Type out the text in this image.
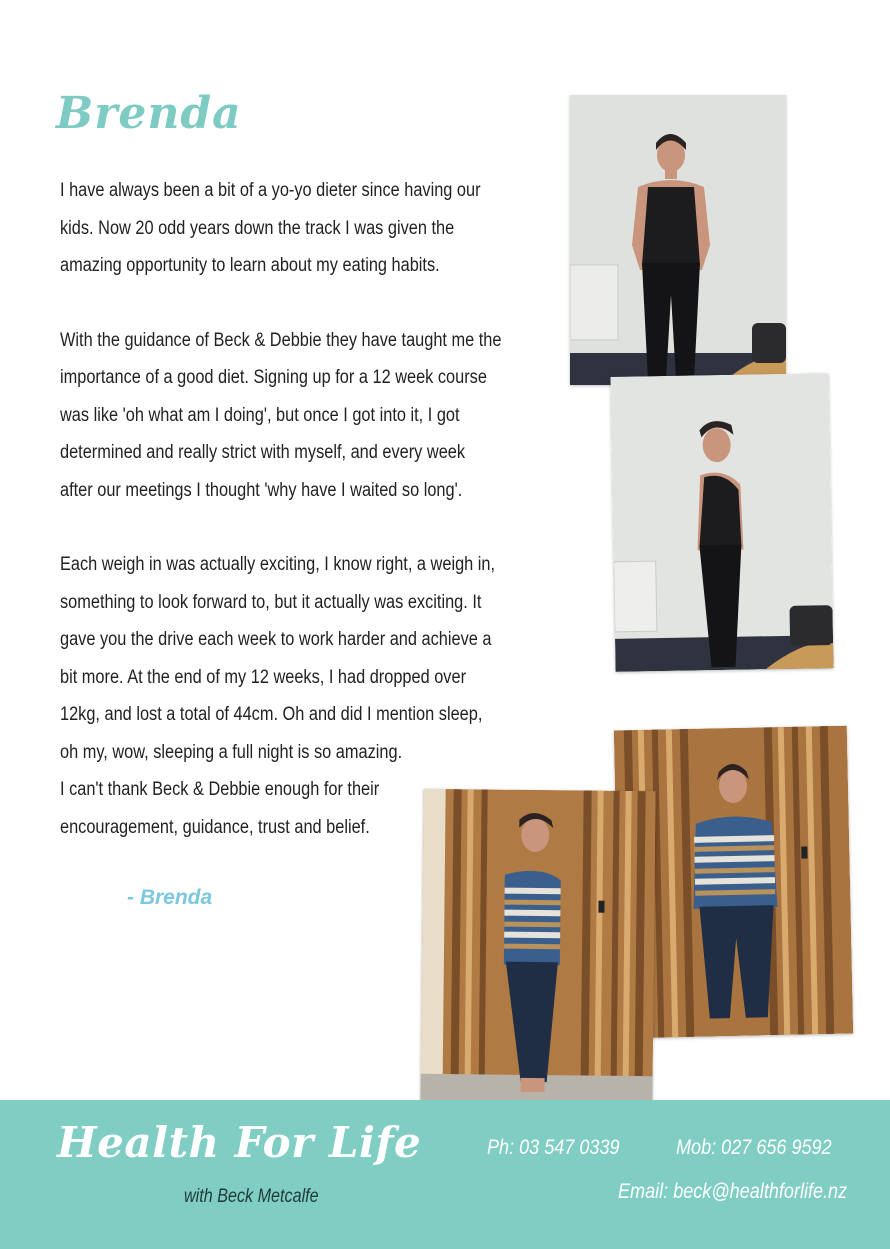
Brenda

I have always been a bit of a yo-yo dieter since having our
kids. Now 20 odd years down the track I was given the
amazing opportunity to learn about my eating habits.

With the guidance of Beck & Debbie they have taught me the
importance of a good diet. Signing up for a 12 week course
was like 'oh what am I doing', but once I got into it, I got
determined and really strict with myself, and every week
after our meetings I thought 'why have I waited so long'.

Each weigh in was actually exciting, I know right, a weigh in,
something to look forward to, but it actually was exciting. It
gave you the drive each week to work harder and achieve a
bit more. At the end of my 12 weeks, I had dropped over
12kg, and lost a total of 44cm. Oh and did I mention sleep,
oh my, wow, sleeping a full night is so amazing.
I can't thank Beck & Debbie enough for their
encouragement, guidance, trust and belief.

- Brenda
Health For Life
with Beck Metcalfe
Ph: 03 547 0339	Mob: 027 656 9592
Email: beck@healthforlife.nz
